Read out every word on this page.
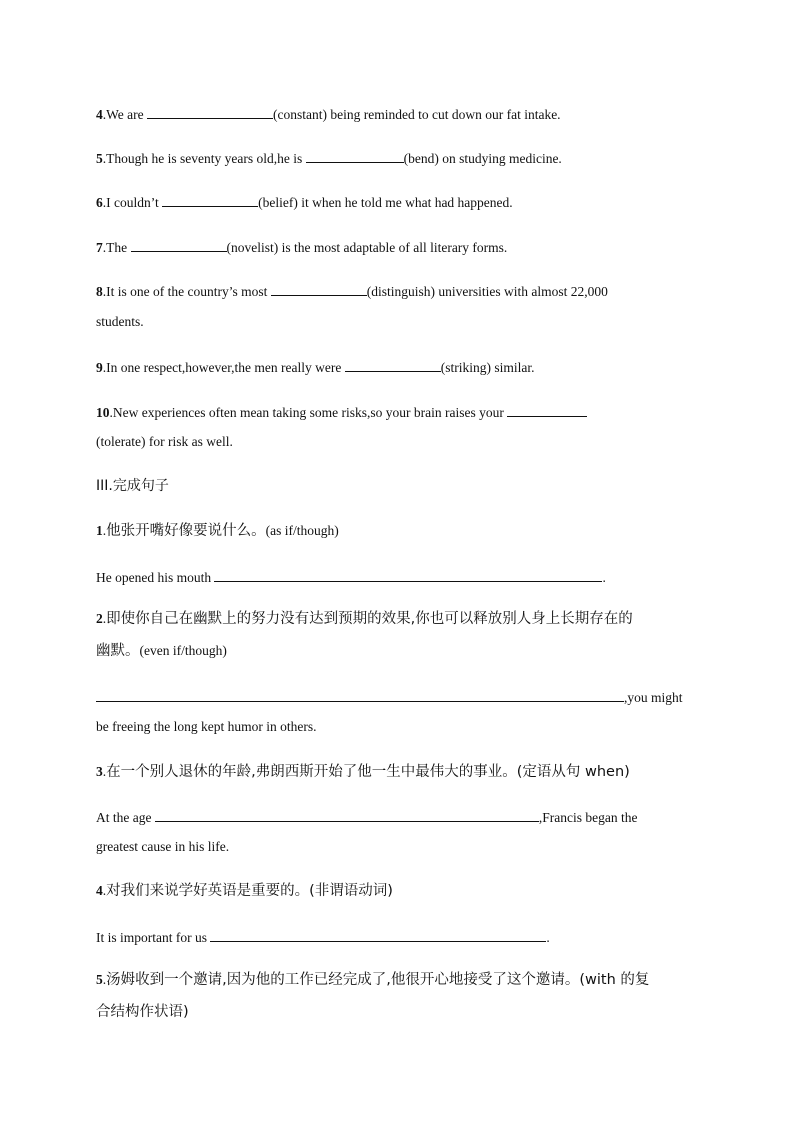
4.We are	(constant) being reminded to cut down our fat intake.
5.Though he is seventy years old,he is	(bend) on studying medicine.
6.I couldn’t	(belief) it when he told me what had happened.
7.The	(novelist) is the most adaptable of all literary forms.
8.It is one of the country’s most	(distinguish) universities with almost 22,000
students.
9.In one respect,however,the men really were	(striking) similar.
10.New experiences often mean taking some risks,so your brain raises your
(tolerate) for risk as well.
III.完成句子
1.他张开嘴好像要说什么。(as if/though)
He opened his mouth	.
2.即使你自己在幽默上的努力没有达到预期的效果,你也可以释放别人身上长期存在的
幽默。(even if/though)
,you might
be freeing the long kept humor in others.
3.在一个别人退休的年龄,弗朗西斯开始了他一生中最伟大的事业。(定语从句 when)
At the age	,Francis began the
greatest cause in his life.
4.对我们来说学好英语是重要的。(非谓语动词)
It is important for us	.
5.汤姆收到一个邀请,因为他的工作已经完成了,他很开心地接受了这个邀请。(with 的复
合结构作状语)
